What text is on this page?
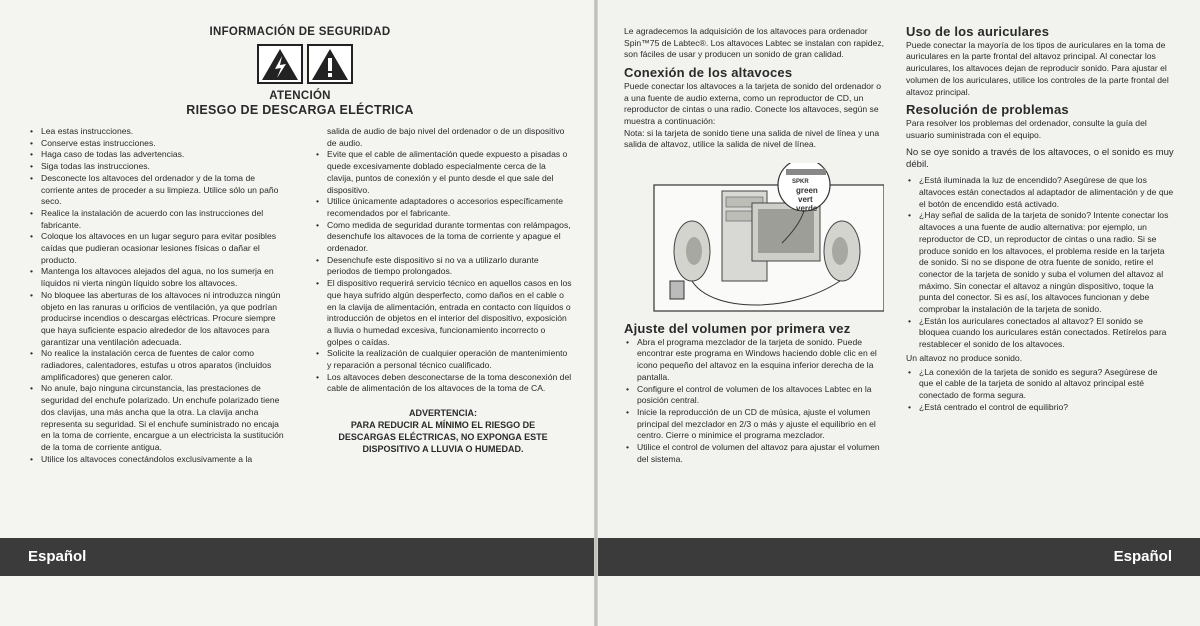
INFORMACIÓN DE SEGURIDAD
ATENCIÓN
RIESGO DE DESCARGA ELÉCTRICA
• Lea estas instrucciones.
• Conserve estas instrucciones.
• Haga caso de todas las advertencias.
• Siga todas las instrucciones.
• Desconecte los altavoces del ordenador y de la toma de corriente antes de proceder a su limpieza. Utilice sólo un paño seco.
• Realice la instalación de acuerdo con las instrucciones del fabricante.
• Coloque los altavoces en un lugar seguro para evitar posibles caídas que pudieran ocasionar lesiones físicas o dañar el producto.
• Mantenga los altavoces alejados del agua, no los sumerja en líquidos ni vierta ningún líquido sobre los altavoces.
• No bloquee las aberturas de los altavoces ni introduzca ningún objeto en las ranuras u orificios de ventilación, ya que podrían producirse incendios o descargas eléctricas. Procure siempre que haya suficiente espacio alrededor de los altavoces para garantizar una ventilación adecuada.
• No realice la instalación cerca de fuentes de calor como radiadores, calentadores, estufas u otros aparatos (incluidos amplificadores) que generen calor.
• No anule, bajo ninguna circunstancia, las prestaciones de seguridad del enchufe polarizado. Un enchufe polarizado tiene dos clavijas, una más ancha que la otra. La clavija ancha representa su seguridad. Si el enchufe suministrado no encaja en la toma de corriente, encargue a un electricista la sustitución de la toma de corriente antigua.
• Utilice los altavoces conectándolos exclusivamente a la
salida de audio de bajo nivel del ordenador o de un dispositivo de audio.
• Evite que el cable de alimentación quede expuesto a pisadas o quede excesivamente doblado especialmente cerca de la clavija, puntos de conexión y el punto desde el que sale del dispositivo.
• Utilice únicamente adaptadores o accesorios específicamente recomendados por el fabricante.
• Como medida de seguridad durante tormentas con relámpagos, desenchufe los altavoces de la toma de corriente y apague el ordenador.
• Desenchufe este dispositivo si no va a utilizarlo durante periodos de tiempo prolongados.
• El dispositivo requerirá servicio técnico en aquellos casos en los que haya sufrido algún desperfecto, como daños en el cable o en la clavija de alimentación, entrada en contacto con líquidos o introducción de objetos en el interior del dispositivo, exposición a lluvia o humedad excesiva, funcionamiento incorrecto o golpes o caídas.
• Solicite la realización de cualquier operación de mantenimiento y reparación a personal técnico cualificado.
• Los altavoces deben desconectarse de la toma desconexión del cable de alimentación de los altavoces de la toma de CA.
ADVERTENCIA:
PARA REDUCIR AL MÍNIMO EL RIESGO DE DESCARGAS ELÉCTRICAS, NO EXPONGA ESTE DISPOSITIVO A LLUVIA O HUMEDAD.
Español

Le agradecemos la adquisición de los altavoces para ordenador Spin™75 de Labtec®. Los altavoces Labtec se instalan con rapidez, son fáciles de usar y producen un sonido de gran calidad.

Conexión de los altavoces

Puede conectar los altavoces a la tarjeta de sonido del ordenador o a una fuente de audio externa, como un reproductor de CD, un reproductor de cintas o una radio. Conecte los altavoces, según se muestra a continuación:

Nota: si la tarjeta de sonido tiene una salida de nivel de línea y una salida de altavoz, utilice la salida de nivel de línea.

SPKR
green
vert
verde
Ajuste del volumen por primera vez
• Abra el programa mezclador de la tarjeta de sonido. Puede encontrar este programa en Windows haciendo doble clic en el icono pequeño del altavoz en la esquina inferior derecha de la pantalla.
• Configure el control de volumen de los altavoces Labtec en la posición central.
• Inicie la reproducción de un CD de música, ajuste el volumen principal del mezclador en 2/3 o más y ajuste el equilibrio en el centro. Cierre o minimice el programa mezclador.
• Utilice el control de volumen del altavoz para ajustar el volumen del sistema.
Uso de los auriculares

Puede conectar la mayoría de los tipos de auriculares en la toma de auriculares en la parte frontal del altavoz principal. Al conectar los auriculares, los altavoces dejan de reproducir sonido. Para ajustar el volumen de los auriculares, utilice los controles de la parte frontal del altavoz principal.

Resolución de problemas

Para resolver los problemas del ordenador, consulte la guía del usuario suministrada con el equipo.

No se oye sonido a través de los altavoces, o el sonido es muy débil.

• ¿Está iluminada la luz de encendido? Asegúrese de que los altavoces están conectados al adaptador de alimentación y de que el botón de encendido está activado.
• ¿Hay señal de salida de la tarjeta de sonido? Intente conectar los altavoces a una fuente de audio alternativa: por ejemplo, un reproductor de CD, un reproductor de cintas o una radio. Si se produce sonido en los altavoces, el problema reside en la tarjeta de sonido. Si no se dispone de otra fuente de sonido, retire el conector de la tarjeta de sonido y suba el volumen del altavoz al máximo. Sin conectar el altavoz a ningún dispositivo, toque la punta del conector. Si es así, los altavoces funcionan y debe comprobar la instalación de la tarjeta de sonido.
• ¿Están los auriculares conectados al altavoz? El sonido se bloquea cuando los auriculares están conectados. Retírelos para restablecer el sonido de los altavoces.

Un altavoz no produce sonido.

• ¿La conexión de la tarjeta de sonido es segura? Asegúrese de que el cable de la tarjeta de sonido al altavoz principal esté conectado de forma segura.
• ¿Está centrado el control de equilibrio?
Español
